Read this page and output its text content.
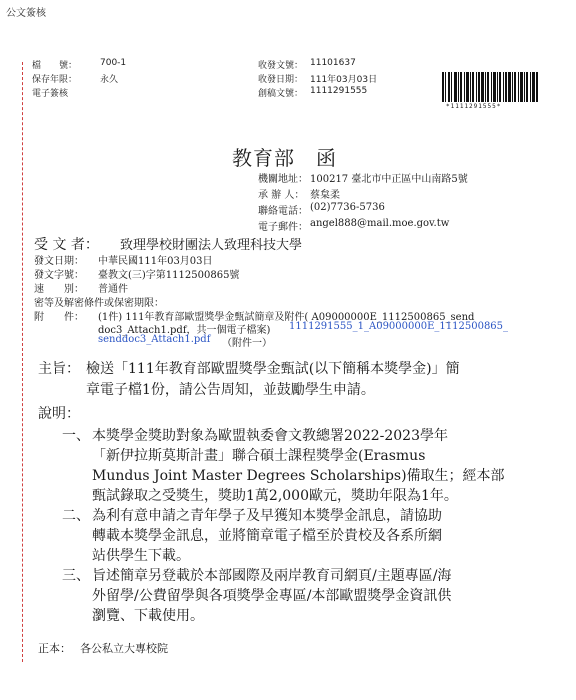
公文簽核
檔　　號：	700-1
保存年限：	永久
電子簽核
收發文號： 11101637
收發日期： 111年03月03日
創稿文號： 1111291555
*1111291555*
教育部　函
機關地址： 100217 臺北市中正區中山南路5號
承 辦 人： 蔡枲柔
聯絡電話： (02)7736-5736
電子郵件： angel888@mail.moe.gov.tw
受 文 者： 致理學校財團法人致理科技大學
發文日期： 中華民國111年03月03日
發文字號： 臺教文(三)字第1112500865號
速　　別： 普通件
密等及解密條件或保密期限：
附　　件： (1件) 111年教育部歐盟獎學金甄試簡章及附件( A09000000E_1112500865_send
doc3_Attach1.pdf，共一個電子檔案) 1111291555_1_A09000000E_1112500865_
senddoc3_Attach1.pdf （附件一）
主旨： 檢送「111年教育部歐盟獎學金甄試(以下簡稱本獎學金)」簡
章電子檔1份，請公告周知，並鼓勵學生申請。
說明：
一、 本獎學金獎助對象為歐盟執委會文教總署2022-2023學年
「新伊拉斯莫斯計畫」聯合碩士課程獎學金(Erasmus
Mundus Joint Master Degrees Scholarships)備取生；經本部
甄試錄取之受獎生，獎助1萬2,000歐元，獎助年限為1年。
二、 為利有意申請之青年學子及早獲知本獎學金訊息，請協助
轉載本獎學金訊息，並將簡章電子檔至於貴校及各系所網
站供學生下載。
三、 旨述簡章另登載於本部國際及兩岸教育司網頁/主題專區/海
外留學/公費留學與各項獎學金專區/本部歐盟獎學金資訊供
瀏覽、下載使用。
正本： 各公私立大專校院
